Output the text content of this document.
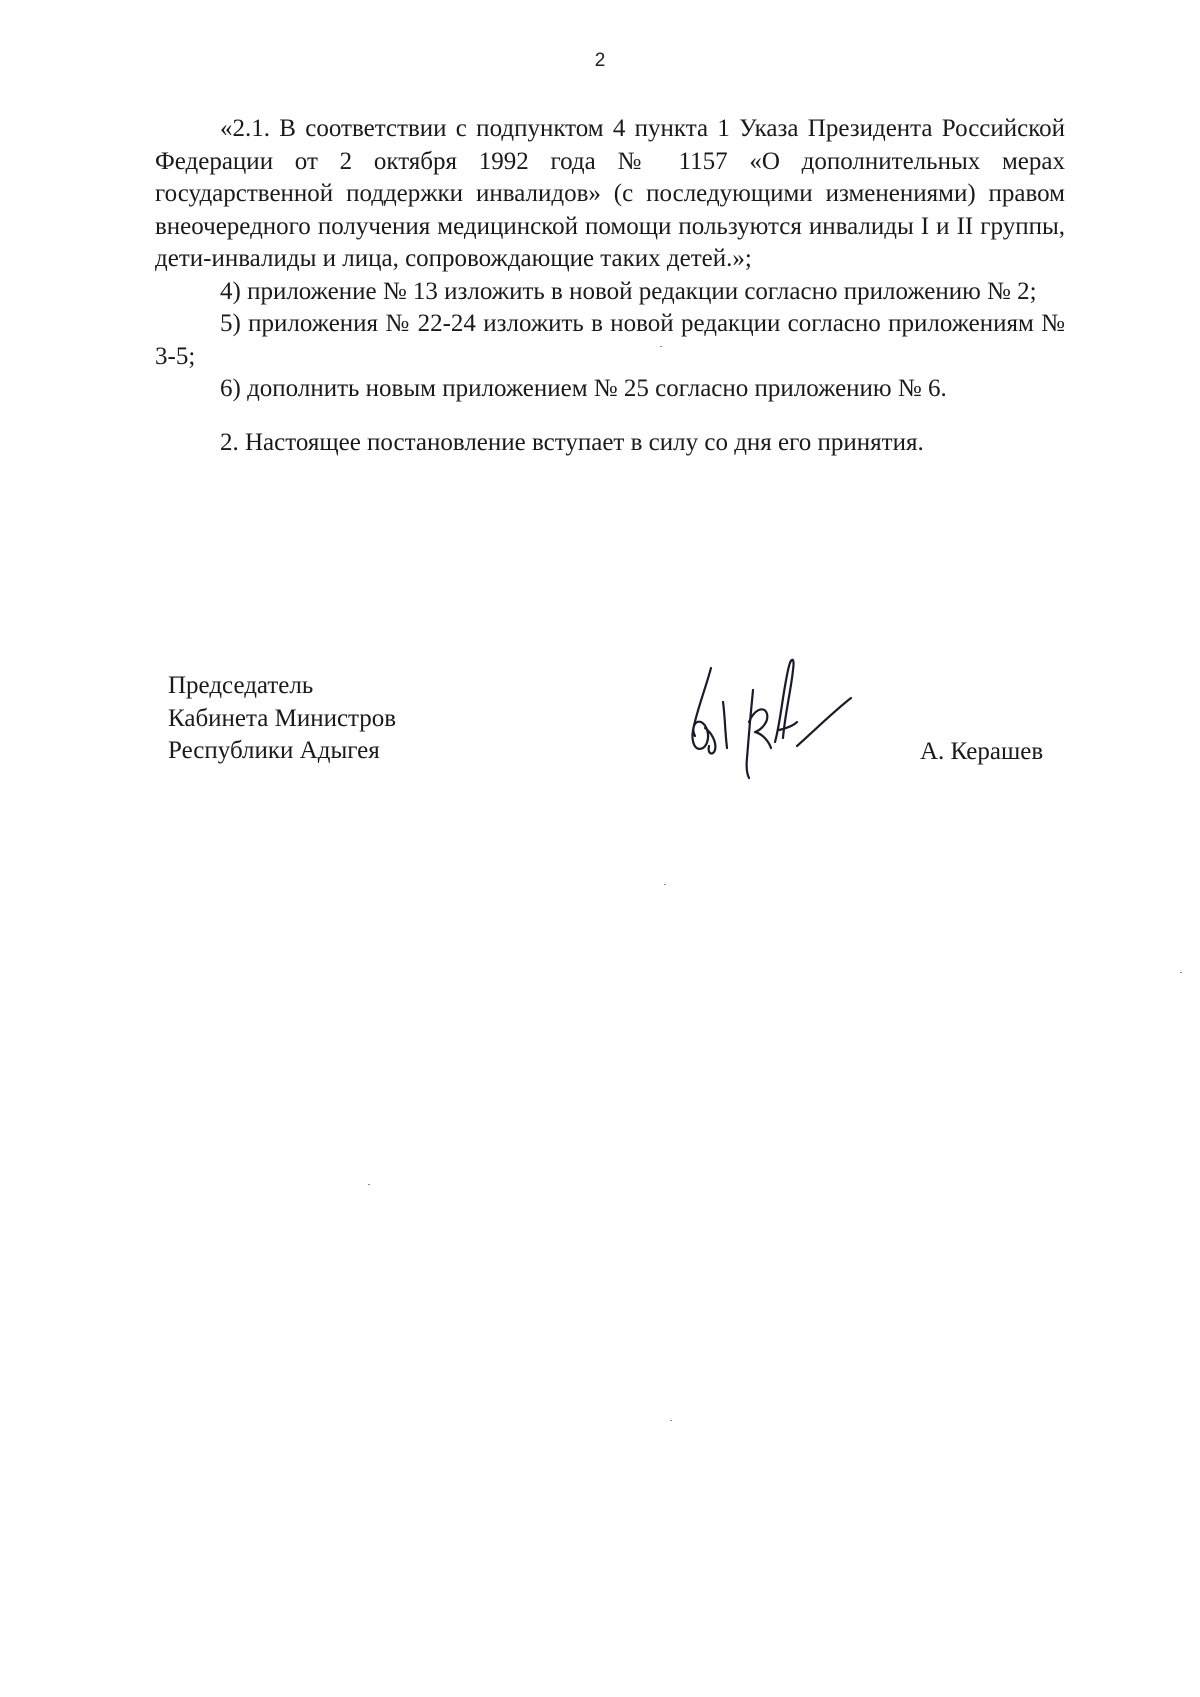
2

«2.1. В соответствии с подпунктом 4 пункта 1 Указа Президента Российской Федерации от 2 октября 1992 года № 1157 «О дополнительных мерах государственной поддержки инвалидов» (с последующими изменениями) правом внеочередного получения медицинской помощи пользуются инвалиды I и II группы, дети-инвалиды и лица, сопровождающие таких детей.»;

4) приложение № 13 изложить в новой редакции согласно приложению № 2;

5) приложения № 22-24 изложить в новой редакции согласно приложениям № 3-5;

6) дополнить новым приложением № 25 согласно приложению № 6.

2. Настоящее постановление вступает в силу со дня его принятия.

Председатель
Кабинета Министров
Республики Адыгея	А. Керашев
